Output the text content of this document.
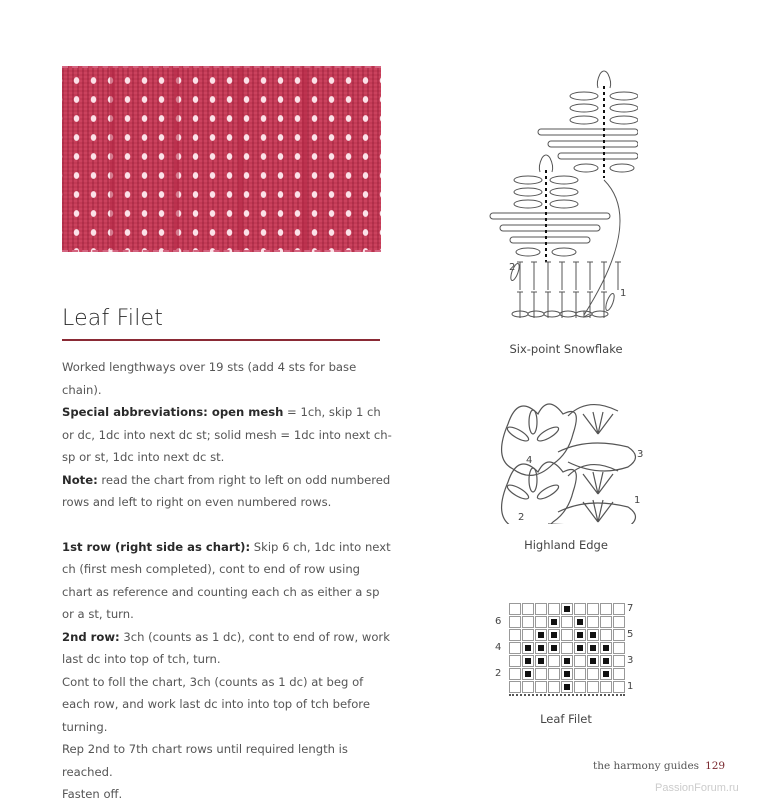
Leaf Filet

Worked lengthways over 19 sts (add 4 sts for base chain).

Special abbreviations: open mesh = 1ch, skip 1 ch or dc, 1dc into next dc st; solid mesh = 1dc into next ch-sp or st, 1dc into next dc st.

Note: read the chart from right to left on odd numbered rows and left to right on even numbered rows.

1st row (right side as chart): Skip 6 ch, 1dc into next ch (first mesh completed), cont to end of row using chart as reference and counting each ch as either a sp or a st, turn.

2nd row: 3ch (counts as 1 dc), cont to end of row, work last dc into top of tch, turn.

Cont to foll the chart, 3ch (counts as 1 dc) at beg of each row, and work last dc into into top of tch before turning.

Rep 2nd to 7th chart rows until required length is reached.

Fasten off.

2
1
Six-point Snowflake
3
4
1
2
Highland Edge
6
4
2
7
5
3
1
Leaf Filet
the harmony guides 129
PassionForum.ru
